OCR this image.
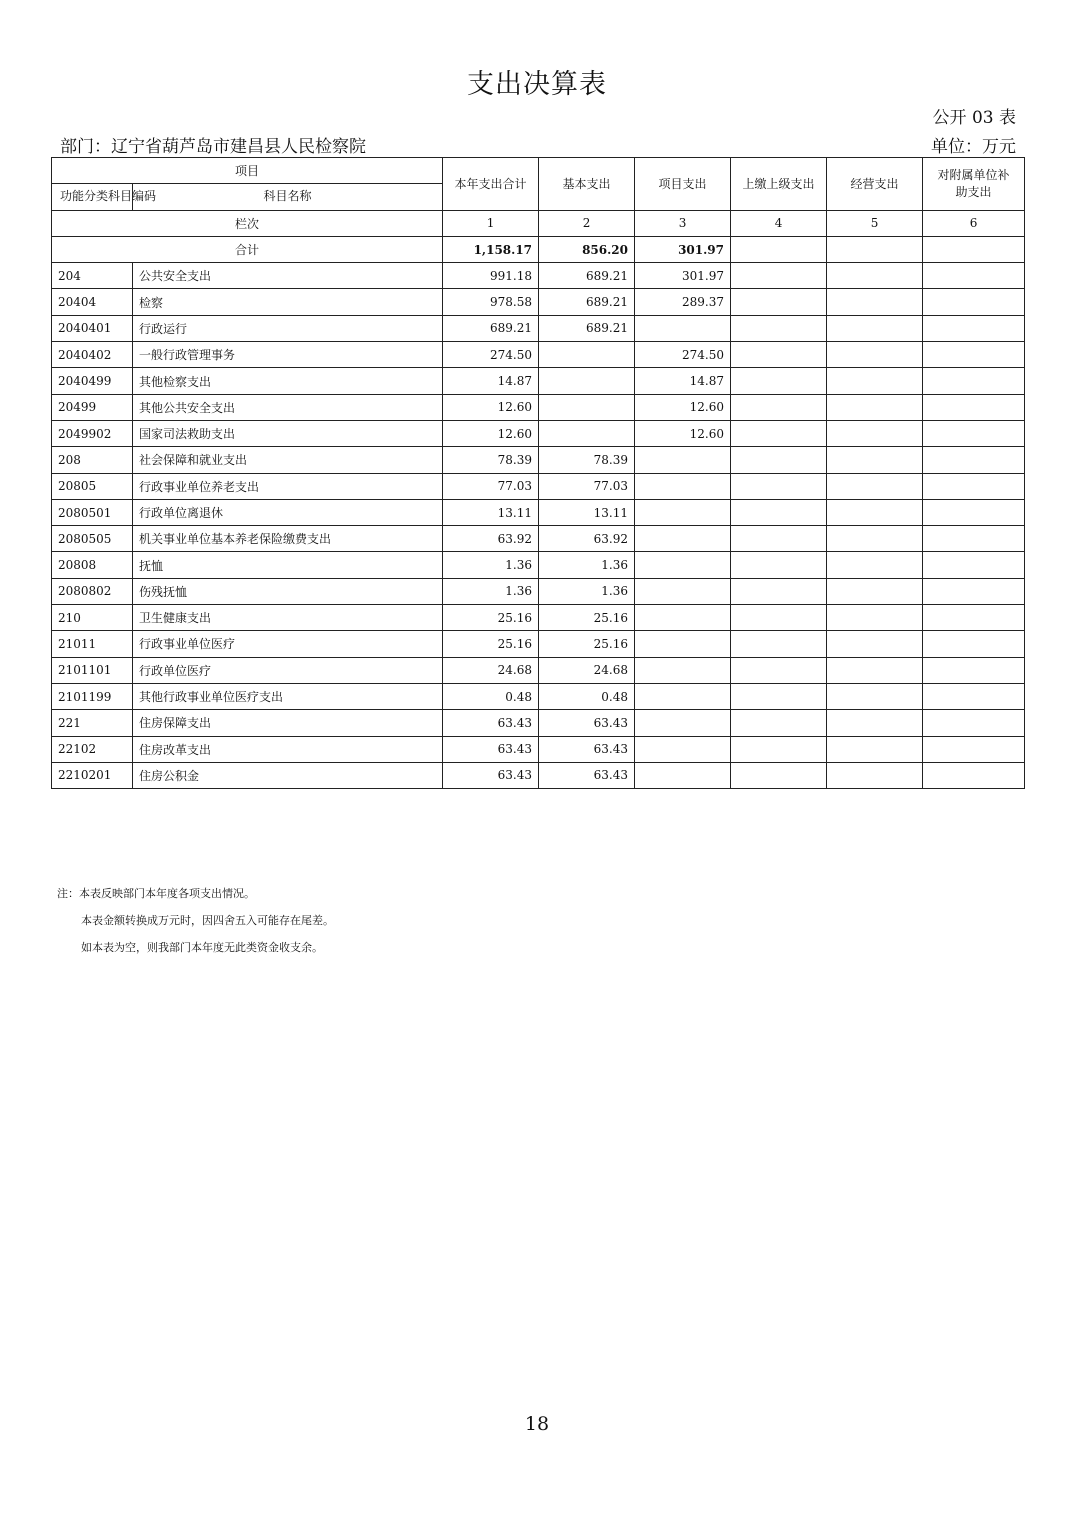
支出决算表
公开 03 表
部门：辽宁省葫芦岛市建昌县人民检察院	单位：万元
项目		本年支出合计	基本支出	项目支出	上缴上级支出	经营支出	对附属单位补助支出
功能分类科目编码	科目名称						
栏次		1	2	3	4	5	6
合计		1,158.17	856.20	301.97			
204	公共安全支出	991.18	689.21	301.97			
20404	检察	978.58	689.21	289.37			
2040401	行政运行	689.21	689.21				
2040402	一般行政管理事务	274.50		274.50			
2040499	其他检察支出	14.87		14.87			
20499	其他公共安全支出	12.60		12.60			
2049902	国家司法救助支出	12.60		12.60			
208	社会保障和就业支出	78.39	78.39				
20805	行政事业单位养老支出	77.03	77.03				
2080501	行政单位离退休	13.11	13.11				
2080505	机关事业单位基本养老保险缴费支出	63.92	63.92				
20808	抚恤	1.36	1.36				
2080802	伤残抚恤	1.36	1.36				
210	卫生健康支出	25.16	25.16				
21011	行政事业单位医疗	25.16	25.16				
2101101	行政单位医疗	24.68	24.68				
2101199	其他行政事业单位医疗支出	0.48	0.48				
221	住房保障支出	63.43	63.43				
22102	住房改革支出	63.43	63.43				
2210201	住房公积金	63.43	63.43				
注：本表反映部门本年度各项支出情况。
本表金额转换成万元时，因四舍五入可能存在尾差。
如本表为空，则我部门本年度无此类资金收支余。
18
